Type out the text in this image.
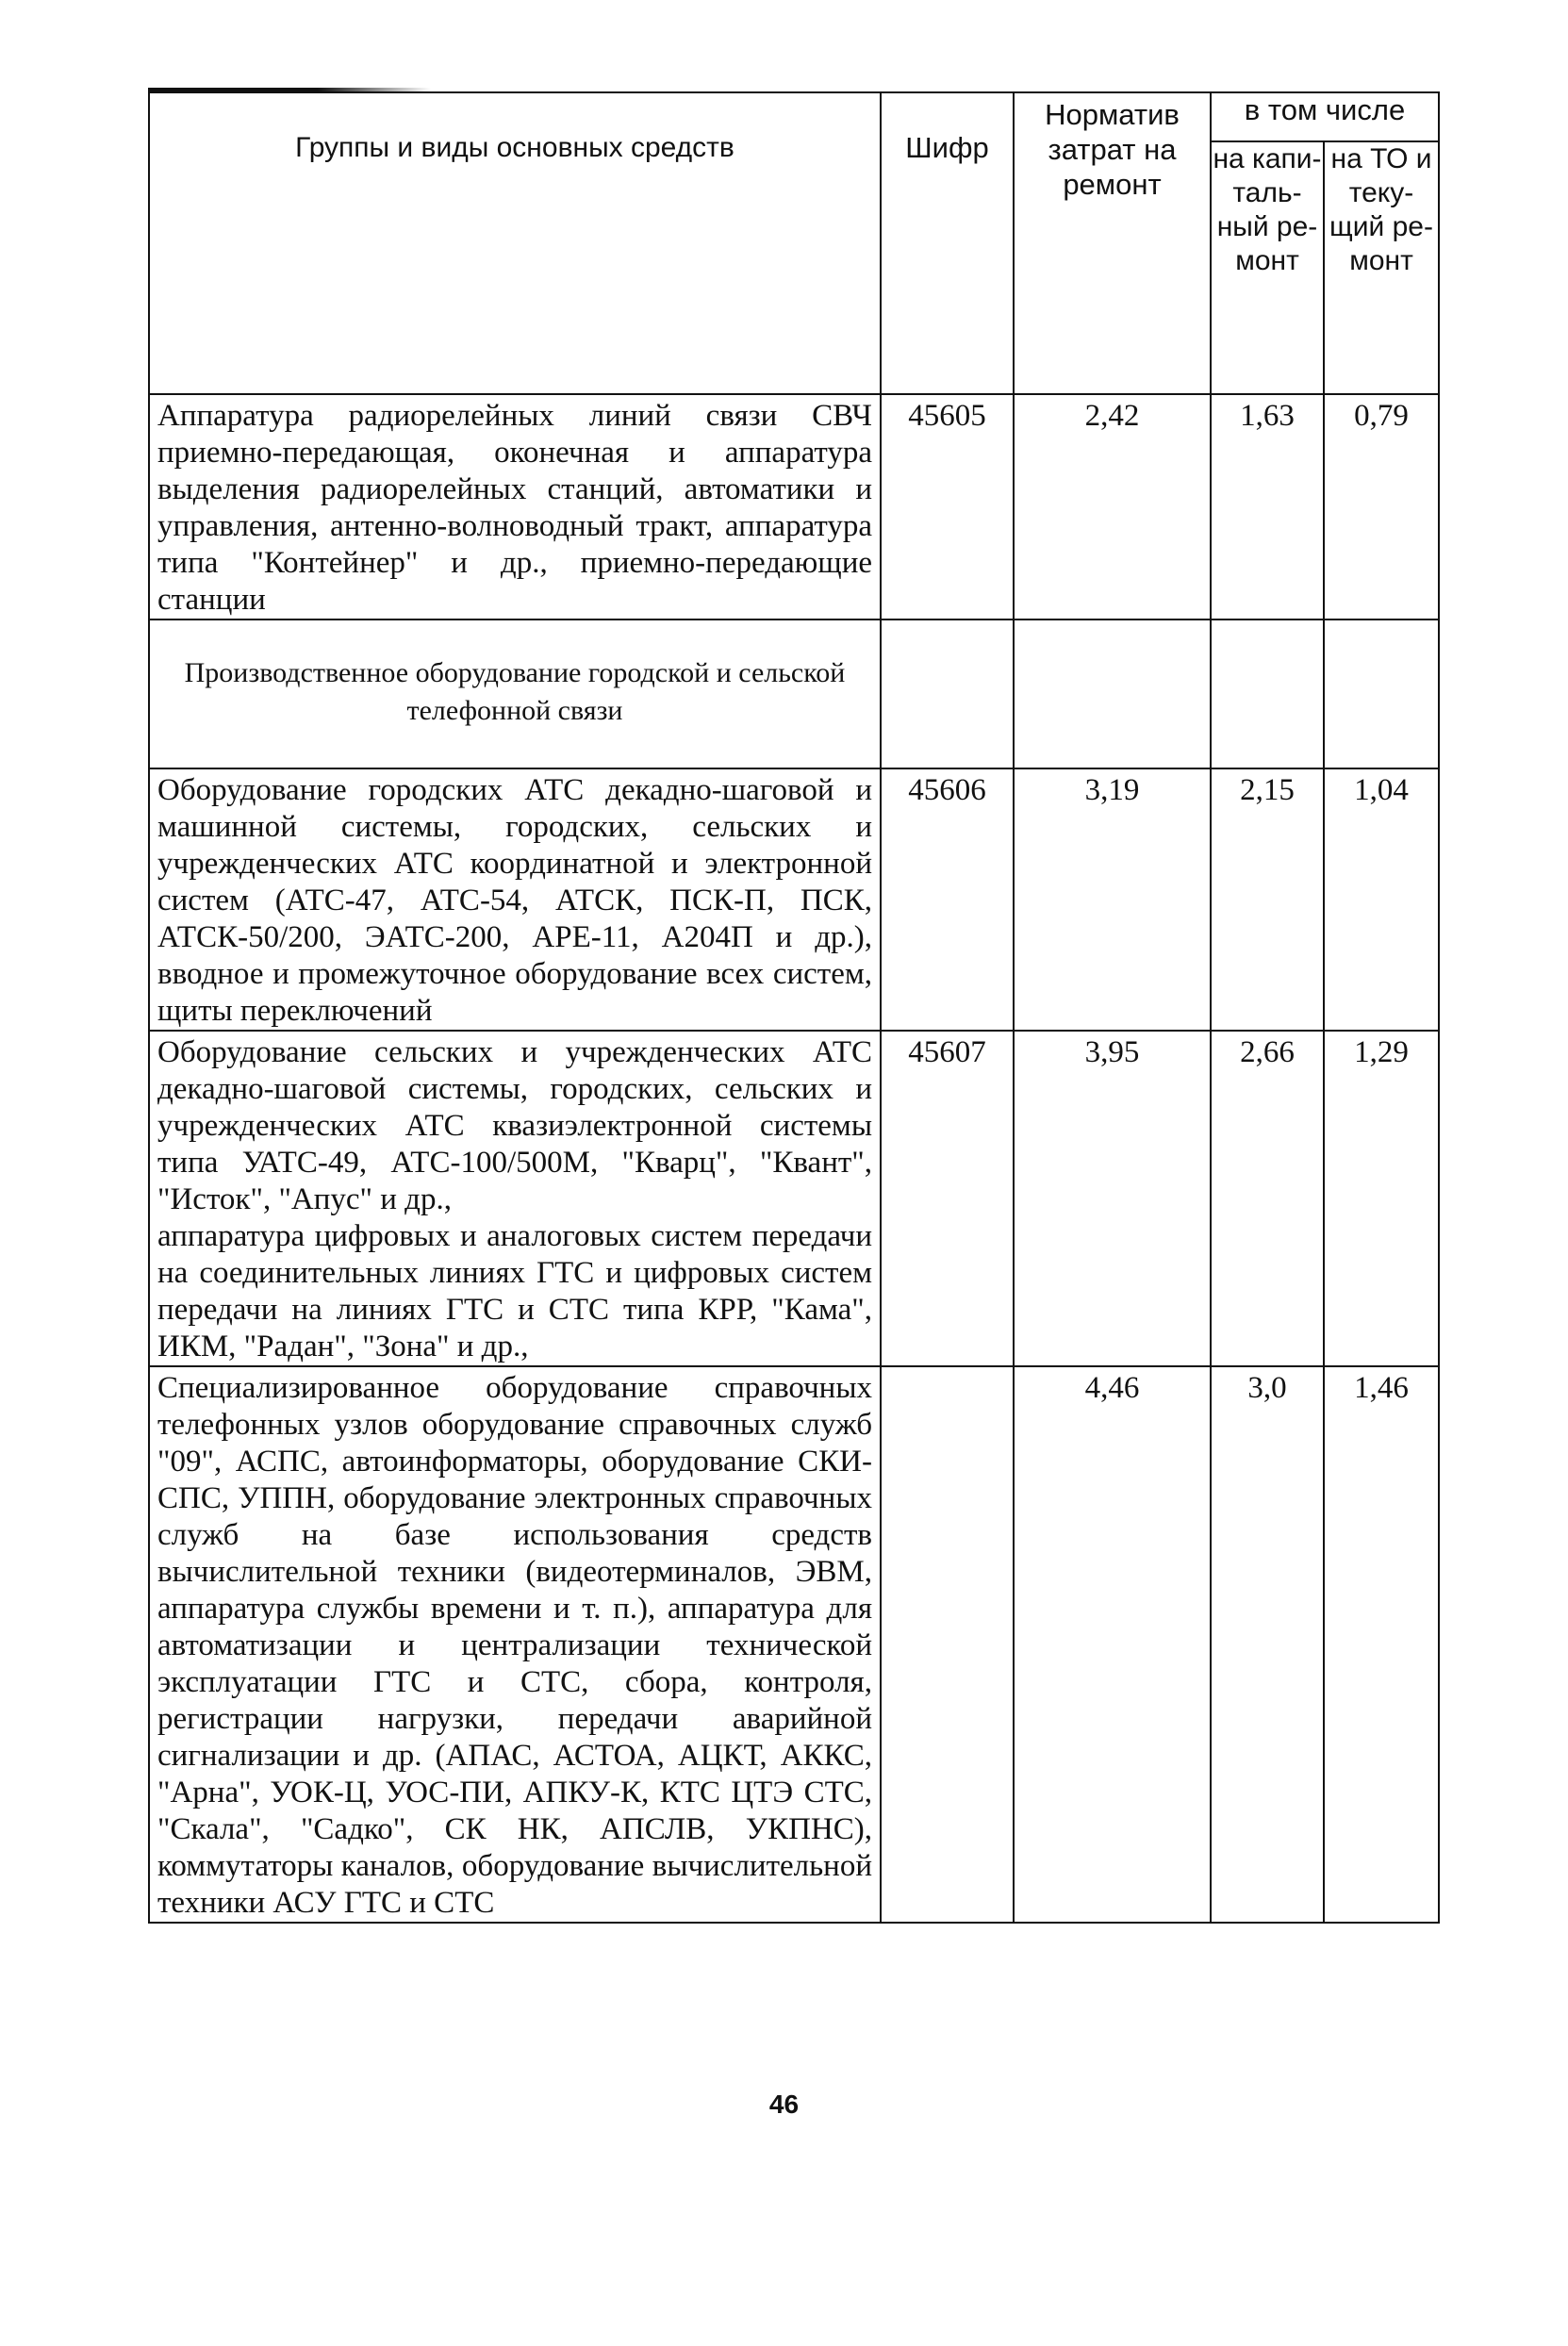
Группы и виды основных средств	Шифр	Норматив затрат на ремонт	в том числе	
			на капи-таль-ный ре-монт	на ТО и теку-щий ре-монт
Аппаратура радиорелейных линий связи СВЧ приемно-передающая, оконечная и аппаратура выделения радиорелейных станций, автоматики и управления, антенно-волноводный тракт, аппаратура типа "Контейнер" и др., приемно-передающие станции	45605	2,42	1,63	0,79
Производственное оборудование городской и сельской телефонной связи				
Оборудование городских АТС декадно-шаговой и машинной системы, городских, сельских и учрежденческих АТС координатной и электронной систем (АТС-47, АТС-54, АТСК, ПСК-П, ПСК, АТСК-50/200, ЭАТС-200, АРЕ-11, А204П и др.), вводное и промежуточное оборудование всех систем, щиты переключений	45606	3,19	2,15	1,04

Оборудование сельских и учрежденческих АТС декадно-шаговой системы, городских, сельских и учрежденческих АТС квазиэлектронной системы типа УАТС-49, АТС-100/500М, "Кварц", "Квант", "Исток", "Апус" и др.,
аппаратура цифровых и аналоговых систем передачи на соединительных линиях ГТС и цифровых систем передачи на линиях ГТС и СТС типа КРР, "Кама", ИКМ, "Радан", "Зона" и др.,	45607	3,95	2,66	1,29
Специализированное оборудование справочных телефонных узлов оборудование справочных служб "09", АСПС, автоинформаторы, оборудование СКИ-СПС, УППН, оборудование электронных справочных служб на базе использования средств вычислительной техники (видеотерминалов, ЭВМ, аппаратура службы времени и т. п.), аппаратура для автоматизации и централизации технической эксплуатации ГТС и СТС, сбора, контроля, регистрации нагрузки, передачи аварийной сигнализации и др. (АПАС, АСТОА, АЦКТ, АККС, "Арна", УОК-Ц, УОС-ПИ, АПКУ-К, КТС ЦТЭ СТС, "Скала", "Садко", СК НК, АПСЛВ, УКПНС), коммутаторы каналов, оборудование вычислительной техники АСУ ГТС и СТС		4,46	3,0	1,46
46
